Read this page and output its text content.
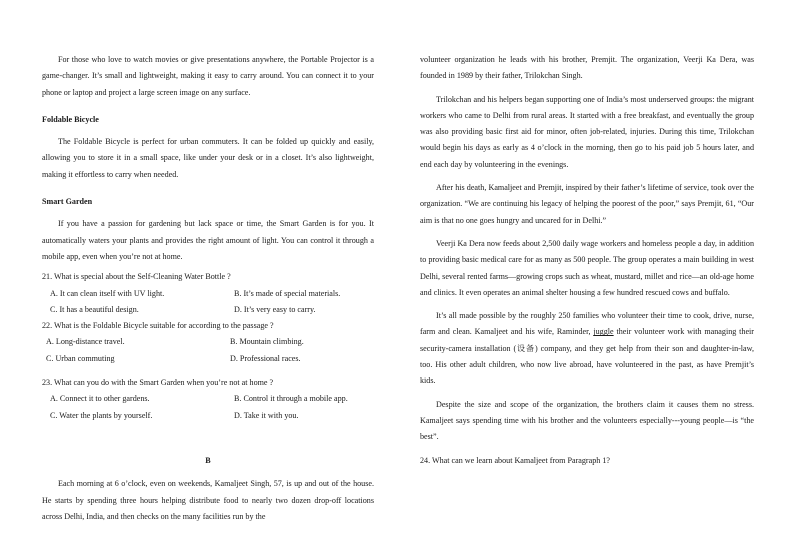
For those who love to watch movies or give presentations anywhere, the Portable Projector is a game-changer. It’s small and lightweight, making it easy to carry around. You can connect it to your phone or laptop and project a large screen image on any surface.

Foldable Bicycle

The Foldable Bicycle is perfect for urban commuters. It can be folded up quickly and easily, allowing you to store it in a small space, like under your desk or in a closet. It’s also lightweight, making it effortless to carry when needed.

Smart Garden

If you have a passion for gardening but lack space or time, the Smart Garden is for you. It automatically waters your plants and provides the right amount of light. You can control it through a mobile app, even when you’re not at home.

21. What is special about the Self-Cleaning Water Bottle ?

A. It can clean itself with UV light.	B. It’s made of special materials.
C. It has a beautiful design.	D. It’s very easy to carry.

22. What is the Foldable Bicycle suitable for according to the passage ?

A. Long-distance travel.	B. Mountain climbing.
C. Urban commuting	D. Professional races.

23. What can you do with the Smart Garden when you’re not at home ?

A. Connect it to other gardens.	B. Control it through a mobile app.
C. Water the plants by yourself.	D. Take it with you.

B

Each morning at 6 o’clock, even on weekends, Kamaljeet Singh, 57, is up and out of the house. He starts by spending three hours helping distribute food to nearly two dozen drop-off locations across Delhi, India, and then checks on the many facilities run by the

volunteer organization he leads with his brother, Premjit. The organization, Veerji Ka Dera, was founded in 1989 by their father, Trilokchan Singh.

Trilokchan and his helpers began supporting one of India’s most underserved groups: the migrant workers who came to Delhi from rural areas. It started with a free breakfast, and eventually the group was also providing basic first aid for minor, often job-related, injuries. During this time, Trilokchan would begin his days as early as 4 o’clock in the morning, then go to his paid job 5 hours later, and end each day by volunteering in the evenings.

After his death, Kamaljeet and Premjit, inspired by their father’s lifetime of service, took over the organization. “We are continuing his legacy of helping the poorest of the poor,” says Premjit, 61, “Our aim is that no one goes hungry and uncared for in Delhi.”

Veerji Ka Dera now feeds about 2,500 daily wage workers and homeless people a day, in addition to providing basic medical care for as many as 500 people. The group operates a main building in west Delhi, several rented farms—growing crops such as wheat, mustard, millet and rice—an old-age home and clinics. It even operates an animal shelter housing a few hundred rescued cows and buffalo.

It’s all made possible by the roughly 250 families who volunteer their time to cook, drive, nurse, farm and clean. Kamaljeet and his wife, Raminder, juggle their volunteer work with managing their security-camera installation (设备) company, and they get help from their son and daughter-in-law, too. His other adult children, who now live abroad, have volunteered in the past, as have Premjit’s kids.

Despite the size and scope of the organization, the brothers claim it causes them no stress. Kamaljeet says spending time with his brother and the volunteers especially---young people—is “the best”.

24. What can we learn about Kamaljeet from Paragraph 1?
